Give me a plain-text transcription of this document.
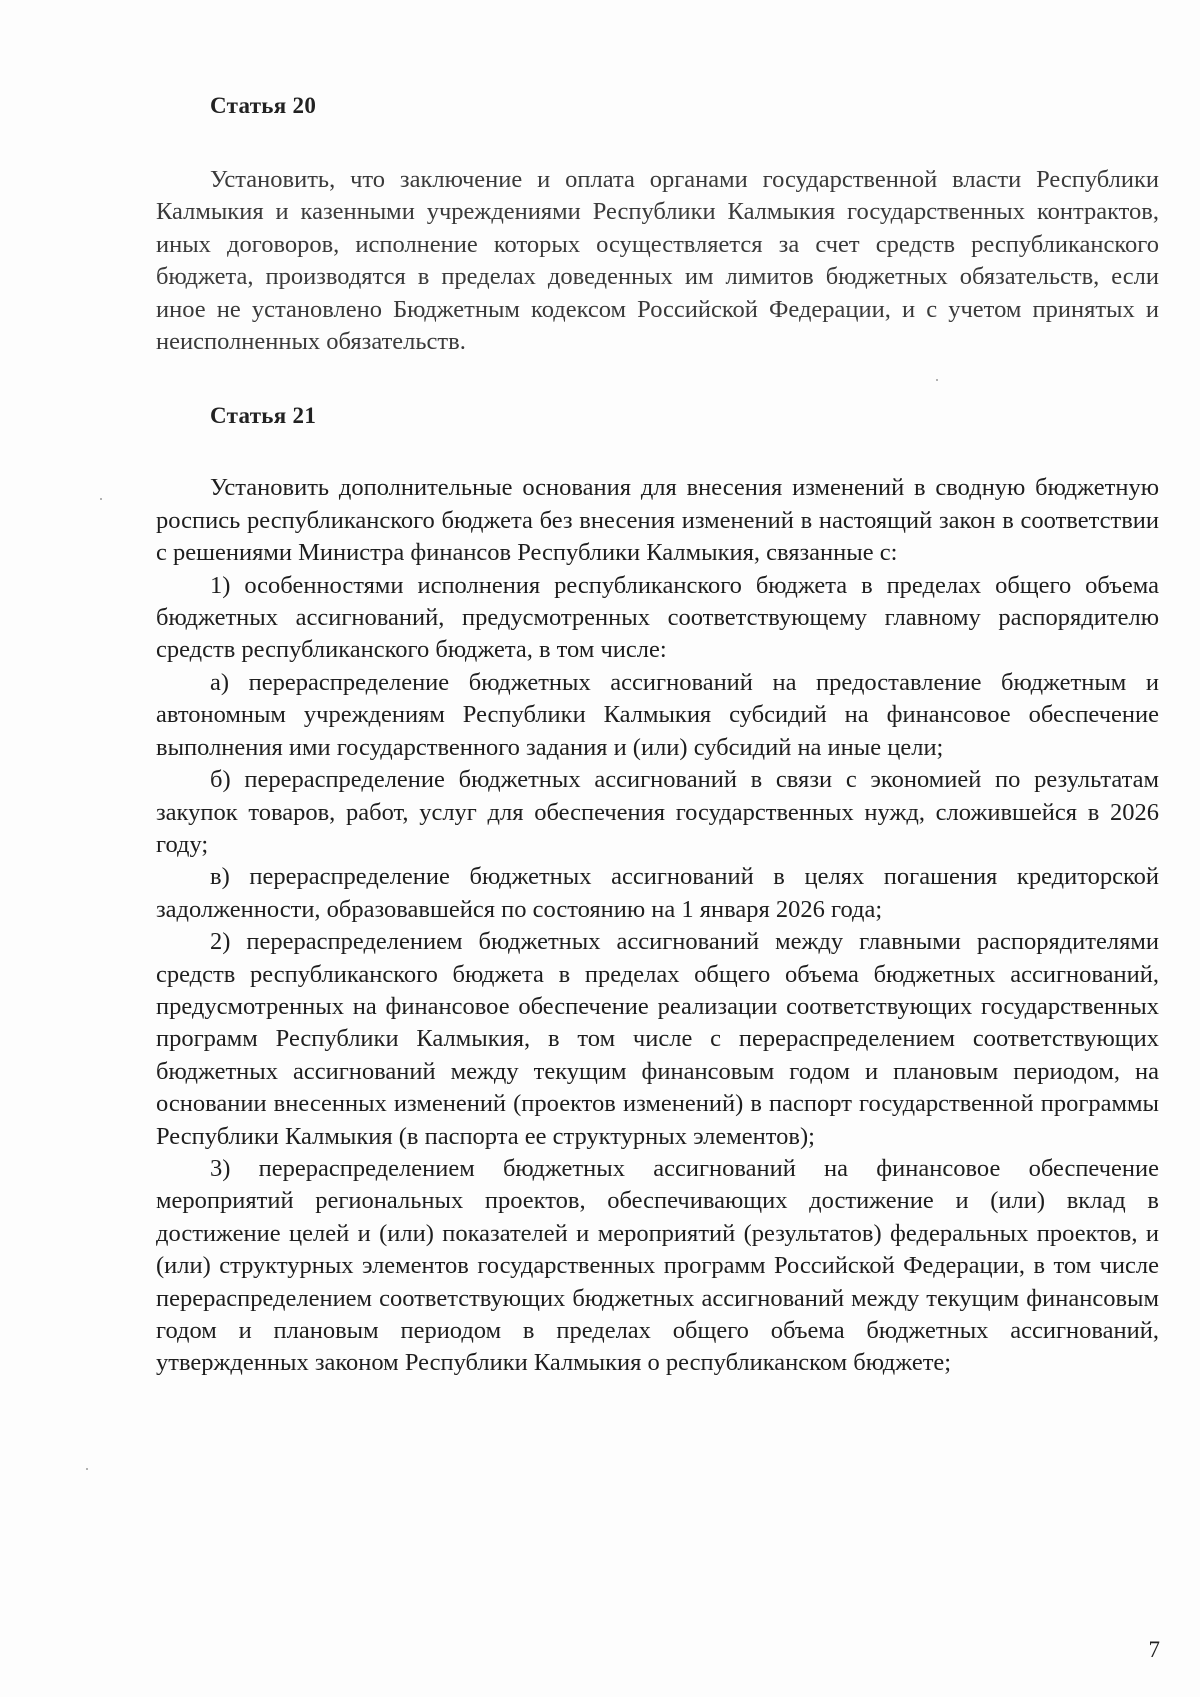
Статья 20

Установить, что заключение и оплата органами государственной власти Республики Калмыкия и казенными учреждениями Республики Калмыкия государственных контрактов, иных договоров, исполнение которых осуществляется за счет средств республиканского бюджета, производятся в пределах доведенных им лимитов бюджетных обязательств, если иное не установлено Бюджетным кодексом Российской Федерации, и с учетом принятых и неисполненных обязательств.

Статья 21

Установить дополнительные основания для внесения изменений в сводную бюджетную роспись республиканского бюджета без внесения изменений в настоящий закон в соответствии с решениями Министра финансов Республики Калмыкия, связанные с:

1) особенностями исполнения республиканского бюджета в пределах общего объема бюджетных ассигнований, предусмотренных соответствующему главному распорядителю средств республиканского бюджета, в том числе:

а) перераспределение бюджетных ассигнований на предоставление бюджетным и автономным учреждениям Республики Калмыкия субсидий на финансовое обеспечение выполнения ими государственного задания и (или) субсидий на иные цели;

б) перераспределение бюджетных ассигнований в связи с экономией по результатам закупок товаров, работ, услуг для обеспечения государственных нужд, сложившейся в 2026 году;

в) перераспределение бюджетных ассигнований в целях погашения кредиторской задолженности, образовавшейся по состоянию на 1 января 2026 года;

2) перераспределением бюджетных ассигнований между главными распорядителями средств республиканского бюджета в пределах общего объема бюджетных ассигнований, предусмотренных на финансовое обеспечение реализации соответствующих государственных программ Республики Калмыкия, в том числе с перераспределением соответствующих бюджетных ассигнований между текущим финансовым годом и плановым периодом, на основании внесенных изменений (проектов изменений) в паспорт государственной программы Республики Калмыкия (в паспорта ее структурных элементов);

3) перераспределением бюджетных ассигнований на финансовое обеспечение мероприятий региональных проектов, обеспечивающих достижение и (или) вклад в достижение целей и (или) показателей и мероприятий (результатов) федеральных проектов, и (или) структурных элементов государственных программ Российской Федерации, в том числе перераспределением соответствующих бюджетных ассигнований между текущим финансовым годом и плановым периодом в пределах общего объема бюджетных ассигнований, утвержденных законом Республики Калмыкия о республиканском бюджете;

7
